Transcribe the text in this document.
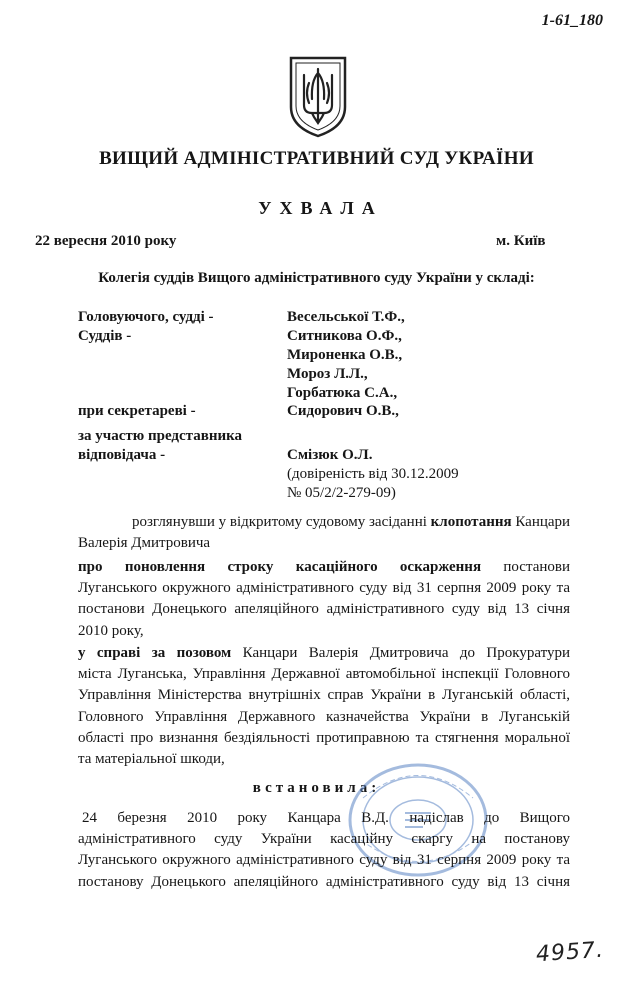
1-61_180
ВИЩИЙ АДМІНІСТРАТИВНИЙ СУД УКРАЇНИ
УХВАЛА
22 вересня 2010 року	м. Київ
Колегія суддів Вищого адміністративного суду України у складі:
Головуючого, судді -	Весельської Т.Ф.,
Суддів -	Ситникова О.Ф.,
Мироненка О.В.,
Мороз Л.Л.,
Горбатюка С.А.,
при секретареві -	Сидорович О.В.,
за участю представника
відповідача -	Смізюк О.Л.
(довіреність від 30.12.2009
№ 05/2/2-279-09)
розглянувши у відкритому судовому засіданні клопотання Канцари
Валерія Дмитровича
про поновлення строку касаційного оскарження постанови
Луганського окружного адміністративного суду від 31 серпня 2009 року та
постанови Донецького апеляційного адміністративного суду від 13 січня
2010 року,
у справі за позовом Канцари Валерія Дмитровича до Прокуратури
міста Луганська, Управління Державної автомобільної інспекції Головного
Управління Міністерства внутрішніх справ України в Луганській області,
Головного Управління Державного казначейства України в Луганській
області про визнання бездіяльності протиправною та стягнення моральної
та матеріальної шкоди,
встановила:
24 березня 2010 року Канцара В.Д. надіслав до Вищого
адміністративного суду України касаційну скаргу на постанову
Луганського окружного адміністративного суду від 31 серпня 2009 року та
постанову Донецького апеляційного адміністративного суду від 13 січня
4957.
